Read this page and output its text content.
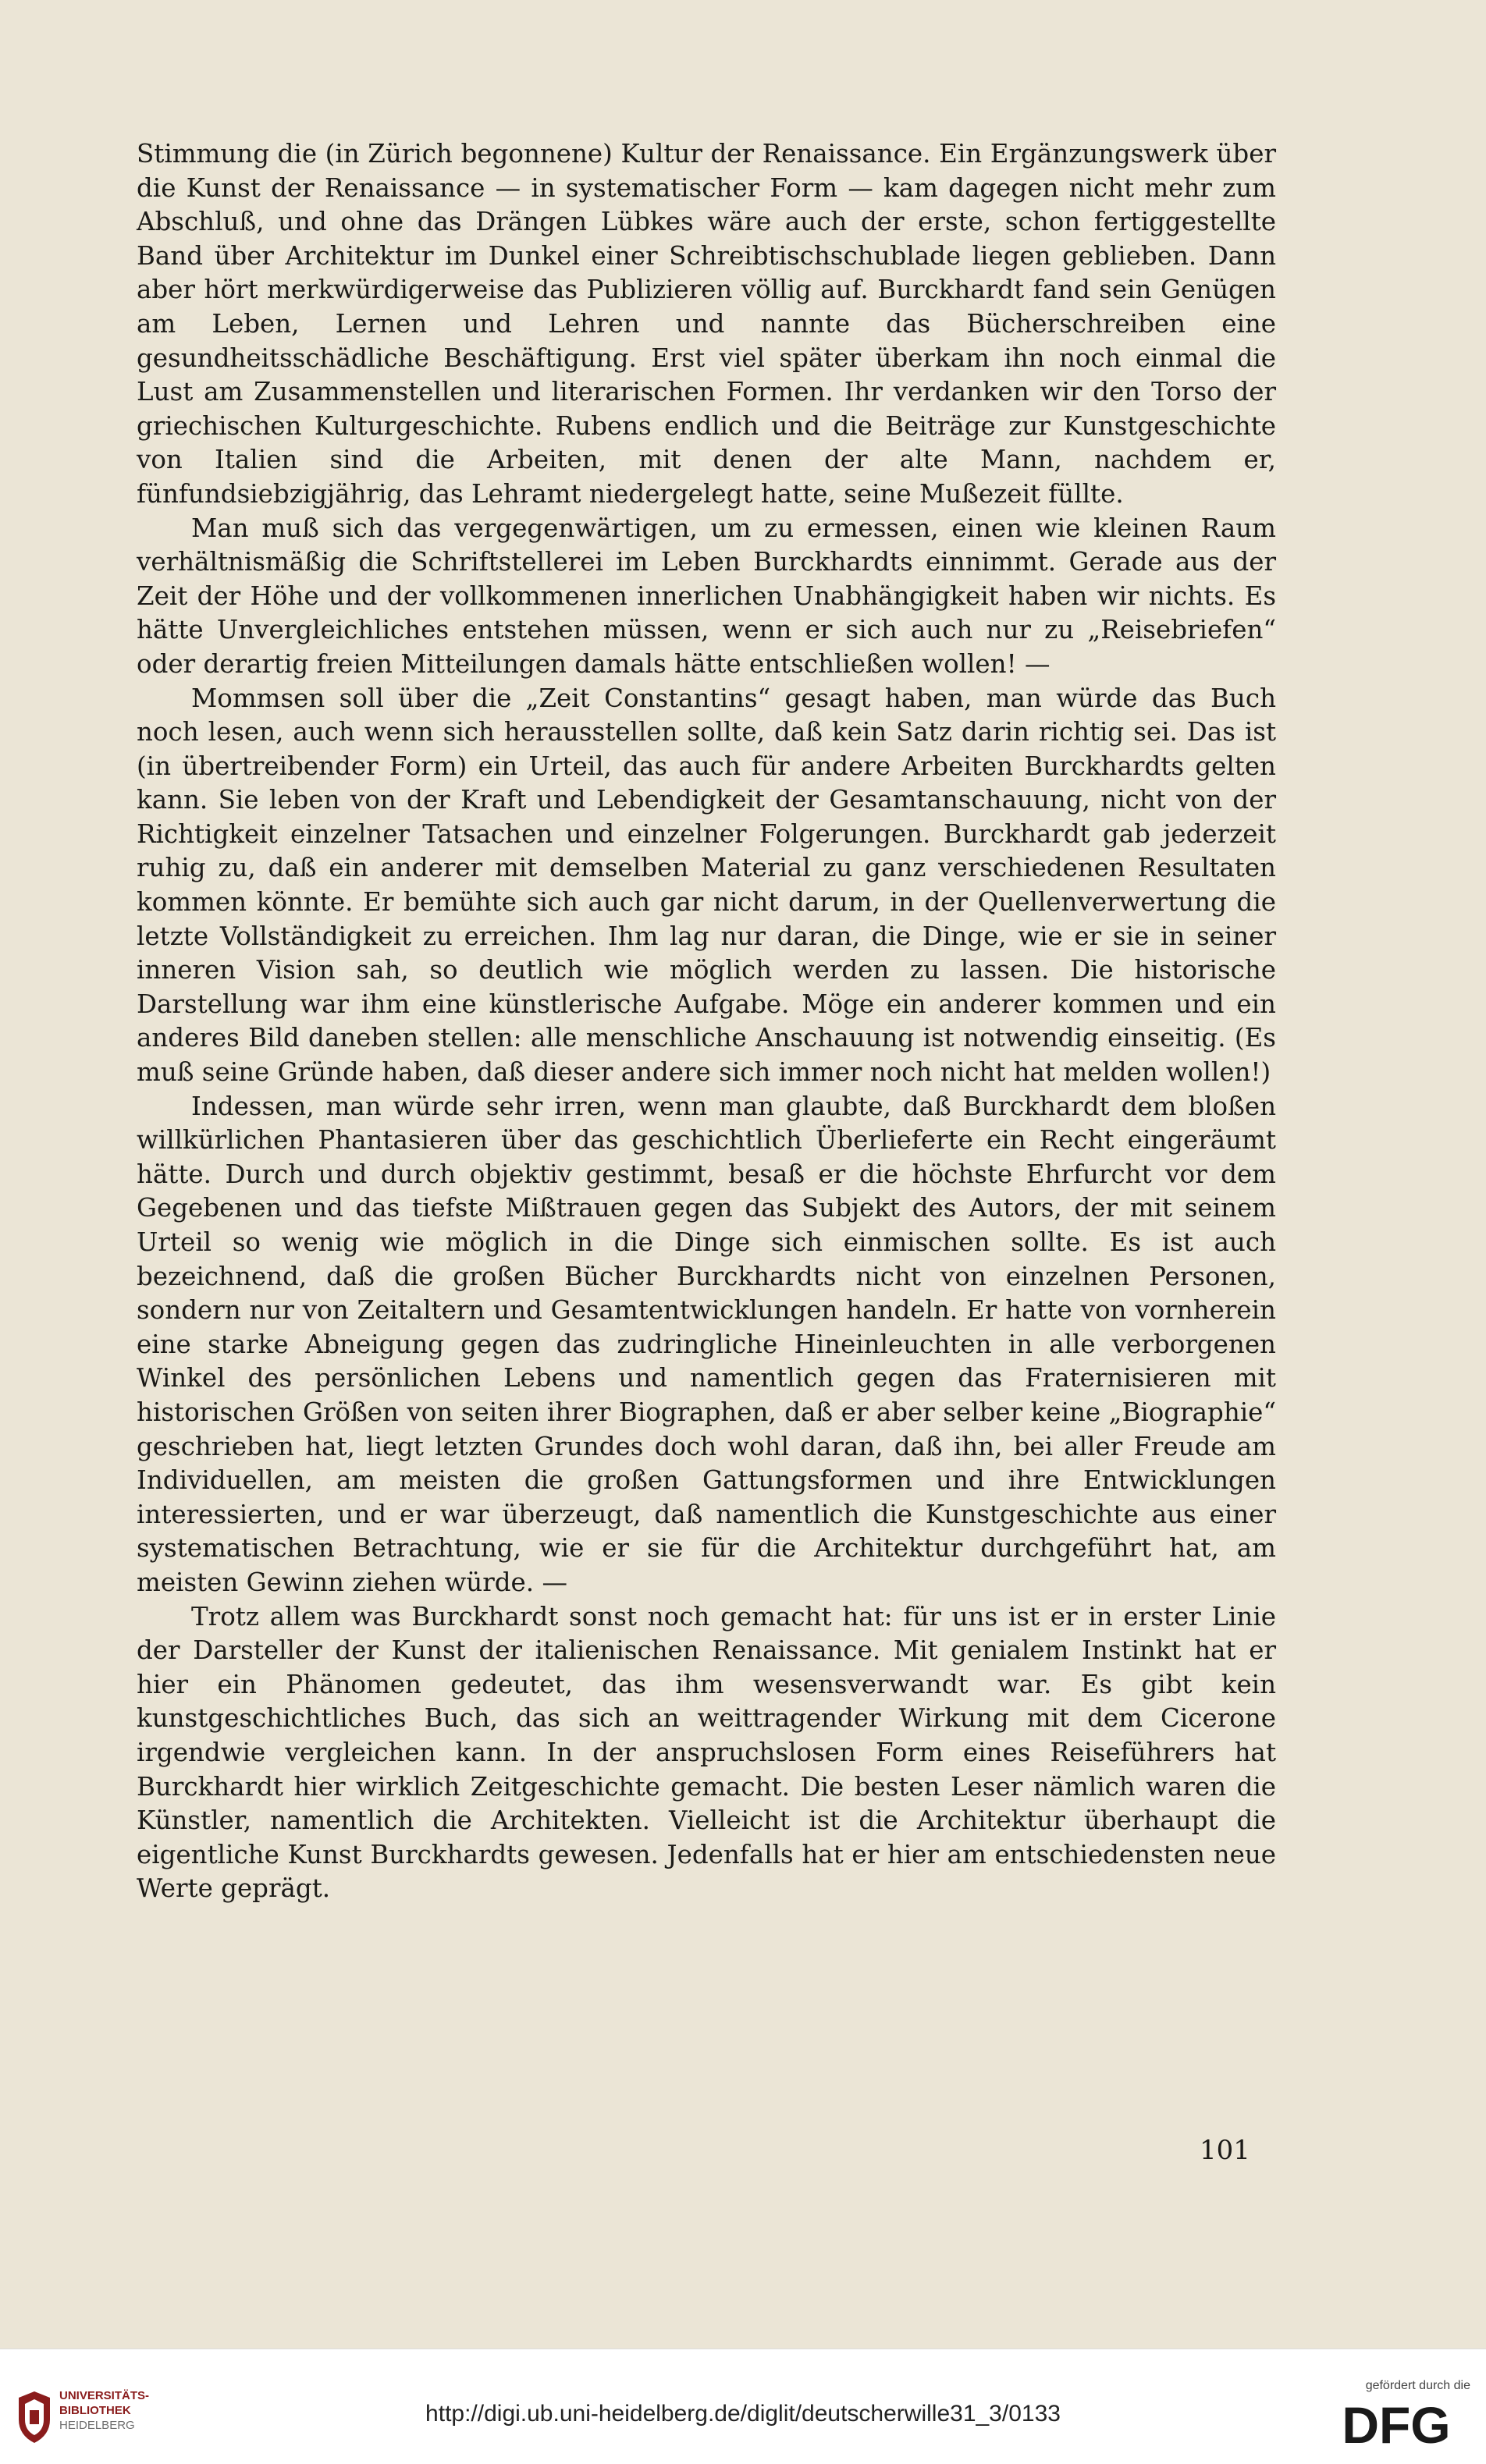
Stimmung die (in Zürich begonnene) Kultur der Renaissance. Ein Ergänzungswerk über die Kunst der Renaissance — in systematischer Form — kam dagegen nicht mehr zum Abschluß, und ohne das Drängen Lübkes wäre auch der erste, schon fertiggestellte Band über Architektur im Dunkel einer Schreibtischschublade liegen geblieben. Dann aber hört merkwürdigerweise das Publizieren völlig auf. Burckhardt fand sein Genügen am Leben, Lernen und Lehren und nannte das Bücherschreiben eine gesundheitsschädliche Beschäftigung. Erst viel später überkam ihn noch einmal die Lust am Zusammenstellen und literarischen Formen. Ihr verdanken wir den Torso der griechischen Kulturgeschichte. Rubens endlich und die Beiträge zur Kunstgeschichte von Italien sind die Arbeiten, mit denen der alte Mann, nachdem er, fünfundsiebzigjährig, das Lehramt niedergelegt hatte, seine Mußezeit füllte.

Man muß sich das vergegenwärtigen, um zu ermessen, einen wie kleinen Raum verhältnismäßig die Schriftstellerei im Leben Burckhardts einnimmt. Gerade aus der Zeit der Höhe und der vollkommenen innerlichen Unabhängigkeit haben wir nichts. Es hätte Unvergleichliches entstehen müssen, wenn er sich auch nur zu „Reisebriefen“ oder derartig freien Mitteilungen damals hätte entschließen wollen! —

Mommsen soll über die „Zeit Constantins“ gesagt haben, man würde das Buch noch lesen, auch wenn sich herausstellen sollte, daß kein Satz darin richtig sei. Das ist (in übertreibender Form) ein Urteil, das auch für andere Arbeiten Burckhardts gelten kann. Sie leben von der Kraft und Lebendigkeit der Gesamtanschauung, nicht von der Richtigkeit einzelner Tatsachen und einzelner Folgerungen. Burckhardt gab jederzeit ruhig zu, daß ein anderer mit demselben Material zu ganz verschiedenen Resultaten kommen könnte. Er bemühte sich auch gar nicht darum, in der Quellenverwertung die letzte Vollständigkeit zu erreichen. Ihm lag nur daran, die Dinge, wie er sie in seiner inneren Vision sah, so deutlich wie möglich werden zu lassen. Die historische Darstellung war ihm eine künstlerische Aufgabe. Möge ein anderer kommen und ein anderes Bild daneben stellen: alle menschliche Anschauung ist notwendig einseitig. (Es muß seine Gründe haben, daß dieser andere sich immer noch nicht hat melden wollen!)

Indessen, man würde sehr irren, wenn man glaubte, daß Burckhardt dem bloßen willkürlichen Phantasieren über das geschichtlich Überlieferte ein Recht eingeräumt hätte. Durch und durch objektiv gestimmt, besaß er die höchste Ehrfurcht vor dem Gegebenen und das tiefste Mißtrauen gegen das Subjekt des Autors, der mit seinem Urteil so wenig wie möglich in die Dinge sich einmischen sollte. Es ist auch bezeichnend, daß die großen Bücher Burckhardts nicht von einzelnen Personen, sondern nur von Zeitaltern und Gesamtentwicklungen handeln. Er hatte von vornherein eine starke Abneigung gegen das zudringliche Hineinleuchten in alle verborgenen Winkel des persönlichen Lebens und namentlich gegen das Fraternisieren mit historischen Größen von seiten ihrer Biographen, daß er aber selber keine „Biographie“ geschrieben hat, liegt letzten Grundes doch wohl daran, daß ihn, bei aller Freude am Individuellen, am meisten die großen Gattungsformen und ihre Entwicklungen interessierten, und er war überzeugt, daß namentlich die Kunstgeschichte aus einer systematischen Betrachtung, wie er sie für die Architektur durchgeführt hat, am meisten Gewinn ziehen würde. —

Trotz allem was Burckhardt sonst noch gemacht hat: für uns ist er in erster Linie der Darsteller der Kunst der italienischen Renaissance. Mit genialem Instinkt hat er hier ein Phänomen gedeutet, das ihm wesensverwandt war. Es gibt kein kunstgeschichtliches Buch, das sich an weittragender Wirkung mit dem Cicerone irgendwie vergleichen kann. In der anspruchslosen Form eines Reiseführers hat Burckhardt hier wirklich Zeitgeschichte gemacht. Die besten Leser nämlich waren die Künstler, namentlich die Architekten. Vielleicht ist die Architektur überhaupt die eigentliche Kunst Burckhardts gewesen. Jedenfalls hat er hier am entschiedensten neue Werte geprägt.

101
UNIVERSITÄTS-
BIBLIOTHEK
HEIDELBERG	http://digi.ub.uni-heidelberg.de/diglit/deutscherwille31_3/0133
gefördert durch die
DFG
